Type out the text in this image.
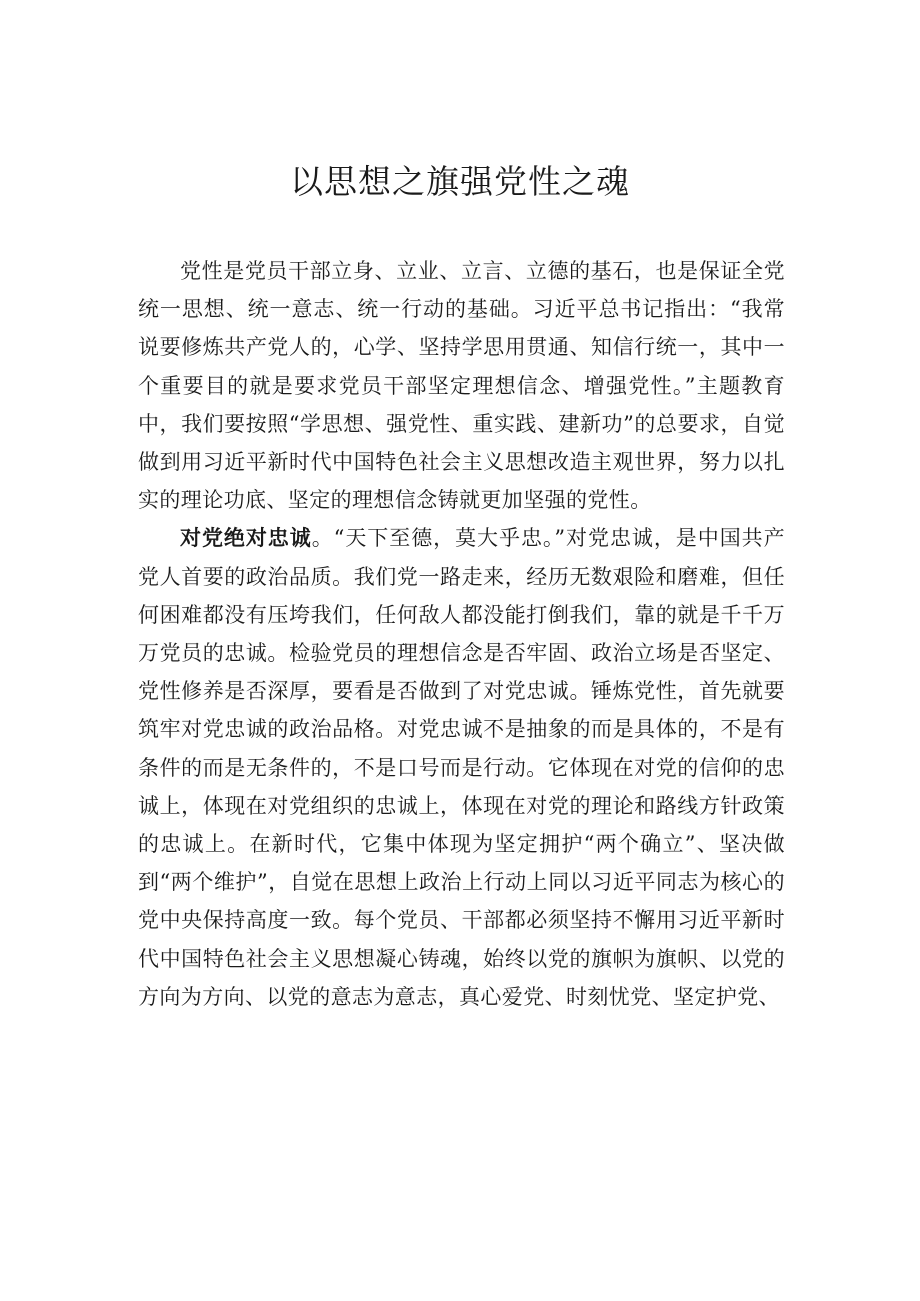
以思想之旗强党性之魂

党性是党员干部立身、立业、立言、立德的基石，也是保证全党统一思想、统一意志、统一行动的基础。习近平总书记指出：“我常说要修炼共产党人的，心学、坚持学思用贯通、知信行统一，其中一个重要目的就是要求党员干部坚定理想信念、增强党性。”主题教育中，我们要按照“学思想、强党性、重实践、建新功”的总要求，自觉做到用习近平新时代中国特色社会主义思想改造主观世界，努力以扎实的理论功底、坚定的理想信念铸就更加坚强的党性。

对党绝对忠诚。“天下至德，莫大乎忠。”对党忠诚，是中国共产党人首要的政治品质。我们党一路走来，经历无数艰险和磨难，但任何困难都没有压垮我们，任何敌人都没能打倒我们，靠的就是千千万万党员的忠诚。检验党员的理想信念是否牢固、政治立场是否坚定、党性修养是否深厚，要看是否做到了对党忠诚。锤炼党性，首先就要筑牢对党忠诚的政治品格。对党忠诚不是抽象的而是具体的，不是有条件的而是无条件的，不是口号而是行动。它体现在对党的信仰的忠诚上，体现在对党组织的忠诚上，体现在对党的理论和路线方针政策的忠诚上。在新时代，它集中体现为坚定拥护“两个确立”、坚决做到“两个维护”，自觉在思想上政治上行动上同以习近平同志为核心的党中央保持高度一致。每个党员、干部都必须坚持不懈用习近平新时代中国特色社会主义思想凝心铸魂，始终以党的旗帜为旗帜、以党的方向为方向、以党的意志为意志，真心爱党、时刻忧党、坚定护党、
